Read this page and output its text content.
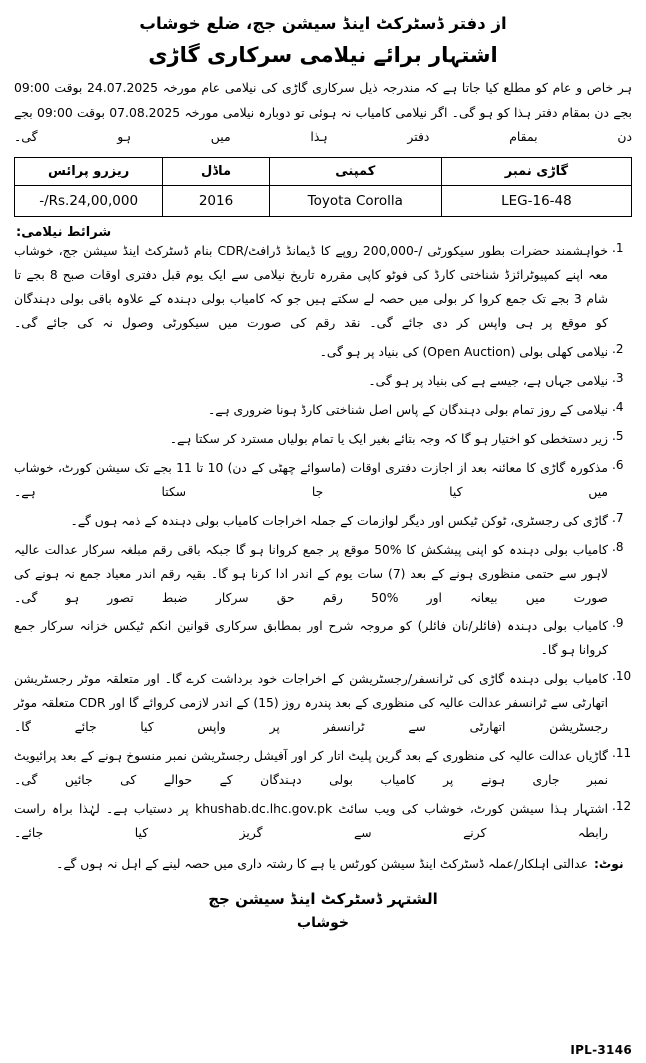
از دفتر ڈسٹرکٹ اینڈ سیشن جج، ضلع خوشاب
اشتہار برائے نیلامی سرکاری گاڑی
ہر خاص و عام کو مطلع کیا جاتا ہے کہ مندرجہ ذیل سرکاری گاڑی کی نیلامی عام مورخہ 24.07.2025 بوقت 09:00 بجے دن بمقام دفتر ہذا کو ہو گی۔ اگر نیلامی کامیاب نہ ہوئی تو دوبارہ نیلامی مورخہ 07.08.2025 بوقت 09:00 بجے دن بمقام دفتر ہذا میں ہو گی۔
گاڑی نمبر	کمپنی	ماڈل	ریزرو پرائس
LEG-16-48	Toyota Corolla	2016	Rs.24,00,000/-
شرائط نیلامی:
1.
خواہشمند حضرات بطور سیکورٹی /-200,000 روپے کا ڈیمانڈ ڈرافٹ/CDR بنام ڈسٹرکٹ اینڈ سیشن جج، خوشاب معہ اپنے کمپیوٹرائزڈ شناختی کارڈ کی فوٹو کاپی مقررہ تاریخ نیلامی سے ایک یوم قبل دفتری اوقات صبح 8 بجے تا شام 3 بجے تک جمع کروا کر بولی میں حصہ لے سکتے ہیں جو کہ کامیاب بولی دہندہ کے علاوہ باقی بولی دہندگان کو موقع پر ہی واپس کر دی جائے گی۔ نقد رقم کی صورت میں سیکورٹی وصول نہ کی جائے گی۔
2.
نیلامی کھلی بولی (Open Auction) کی بنیاد پر ہو گی۔
3.
نیلامی جہاں ہے، جیسے ہے کی بنیاد پر ہو گی۔
4.
نیلامی کے روز تمام بولی دہندگان کے پاس اصل شناختی کارڈ ہونا ضروری ہے۔
5.
زیر دستخطی کو اختیار ہو گا کہ وجہ بتائے بغیر ایک یا تمام بولیاں مسترد کر سکتا ہے۔
6.
مذکورہ گاڑی کا معائنہ بعد از اجازت دفتری اوقات (ماسوائے چھٹی کے دن) 10 تا 11 بجے تک سیشن کورٹ، خوشاب میں کیا جا سکتا ہے۔
7.
گاڑی کی رجسٹری، ٹوکن ٹیکس اور دیگر لوازمات کے جملہ اخراجات کامیاب بولی دہندہ کے ذمہ ہوں گے۔
8.
کامیاب بولی دہندہ کو اپنی پیشکش کا %50 موقع پر جمع کروانا ہو گا جبکہ باقی رقم مبلغہ سرکار عدالت عالیہ لاہور سے حتمی منظوری ہونے کے بعد (7) سات یوم کے اندر ادا کرنا ہو گا۔ بقیہ رقم اندر معیاد جمع نہ ہونے کی صورت میں بیعانہ اور %50 رقم حق سرکار ضبط تصور ہو گی۔
9.
کامیاب بولی دہندہ (فائلر/نان فائلر) کو مروجہ شرح اور بمطابق سرکاری قوانین انکم ٹیکس خزانہ سرکار جمع کروانا ہو گا۔
10.
کامیاب بولی دہندہ گاڑی کی ٹرانسفر/رجسٹریشن کے اخراجات خود برداشت کرے گا۔ اور متعلقہ موٹر رجسٹریشن اتھارٹی سے ٹرانسفر عدالت عالیہ کی منظوری کے بعد پندرہ روز (15) کے اندر لازمی کروائے گا اور CDR متعلقہ موٹر رجسٹریشن اتھارٹی سے ٹرانسفر پر واپس کیا جائے گا۔
11.
گاڑیاں عدالت عالیہ کی منظوری کے بعد گرین پلیٹ اتار کر اور آفیشل رجسٹریشن نمبر منسوخ ہونے کے بعد پرائیویٹ نمبر جاری ہونے پر کامیاب بولی دہندگان کے حوالے کی جائیں گی۔
12.
اشتہار ہذا سیشن کورٹ، خوشاب کی ویب سائٹ khushab.dc.lhc.gov.pk پر دستیاب ہے۔ لہٰذا براہ راست رابطہ کرنے سے گریز کیا جائے۔
نوٹ:
عدالتی اہلکار/عملہ ڈسٹرکٹ اینڈ سیشن کورٹس یا ہے کا رشتہ داری میں حصہ لینے کے اہل نہ ہوں گے۔
الشتہر ڈسٹرکٹ اینڈ سیشن جج
خوشاب
IPL-3146
